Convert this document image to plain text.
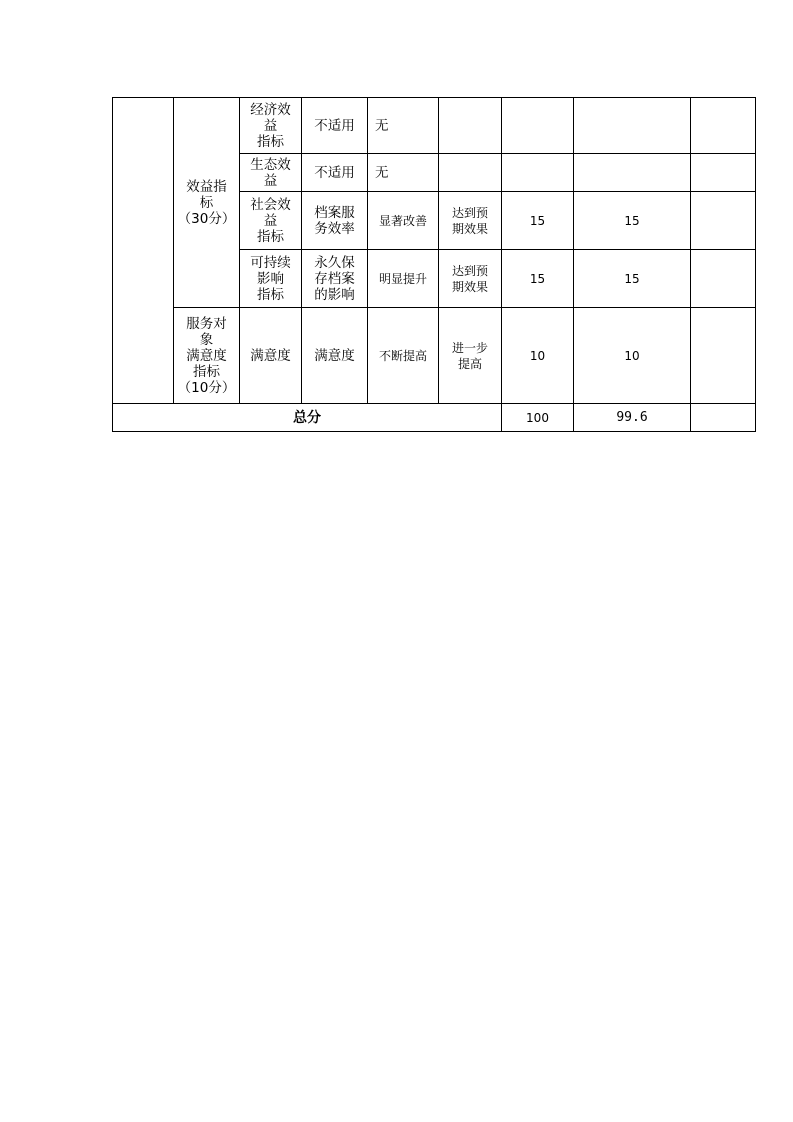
	效益指
标
（30分）	经济效
益
指标	不适用	无				
		生态效
益	不适用	无				
		社会效
益
指标	档案服
务效率	显著改善	达到预
期效果	15	15	
		可持续
影响
指标	永久保
存档案
的影响	明显提升	达到预
期效果	15	15	
	服务对
象
满意度
指标
（10分）	满意度	满意度	不断提高	进一步
提高	10	10	
总分						100	99.6	
